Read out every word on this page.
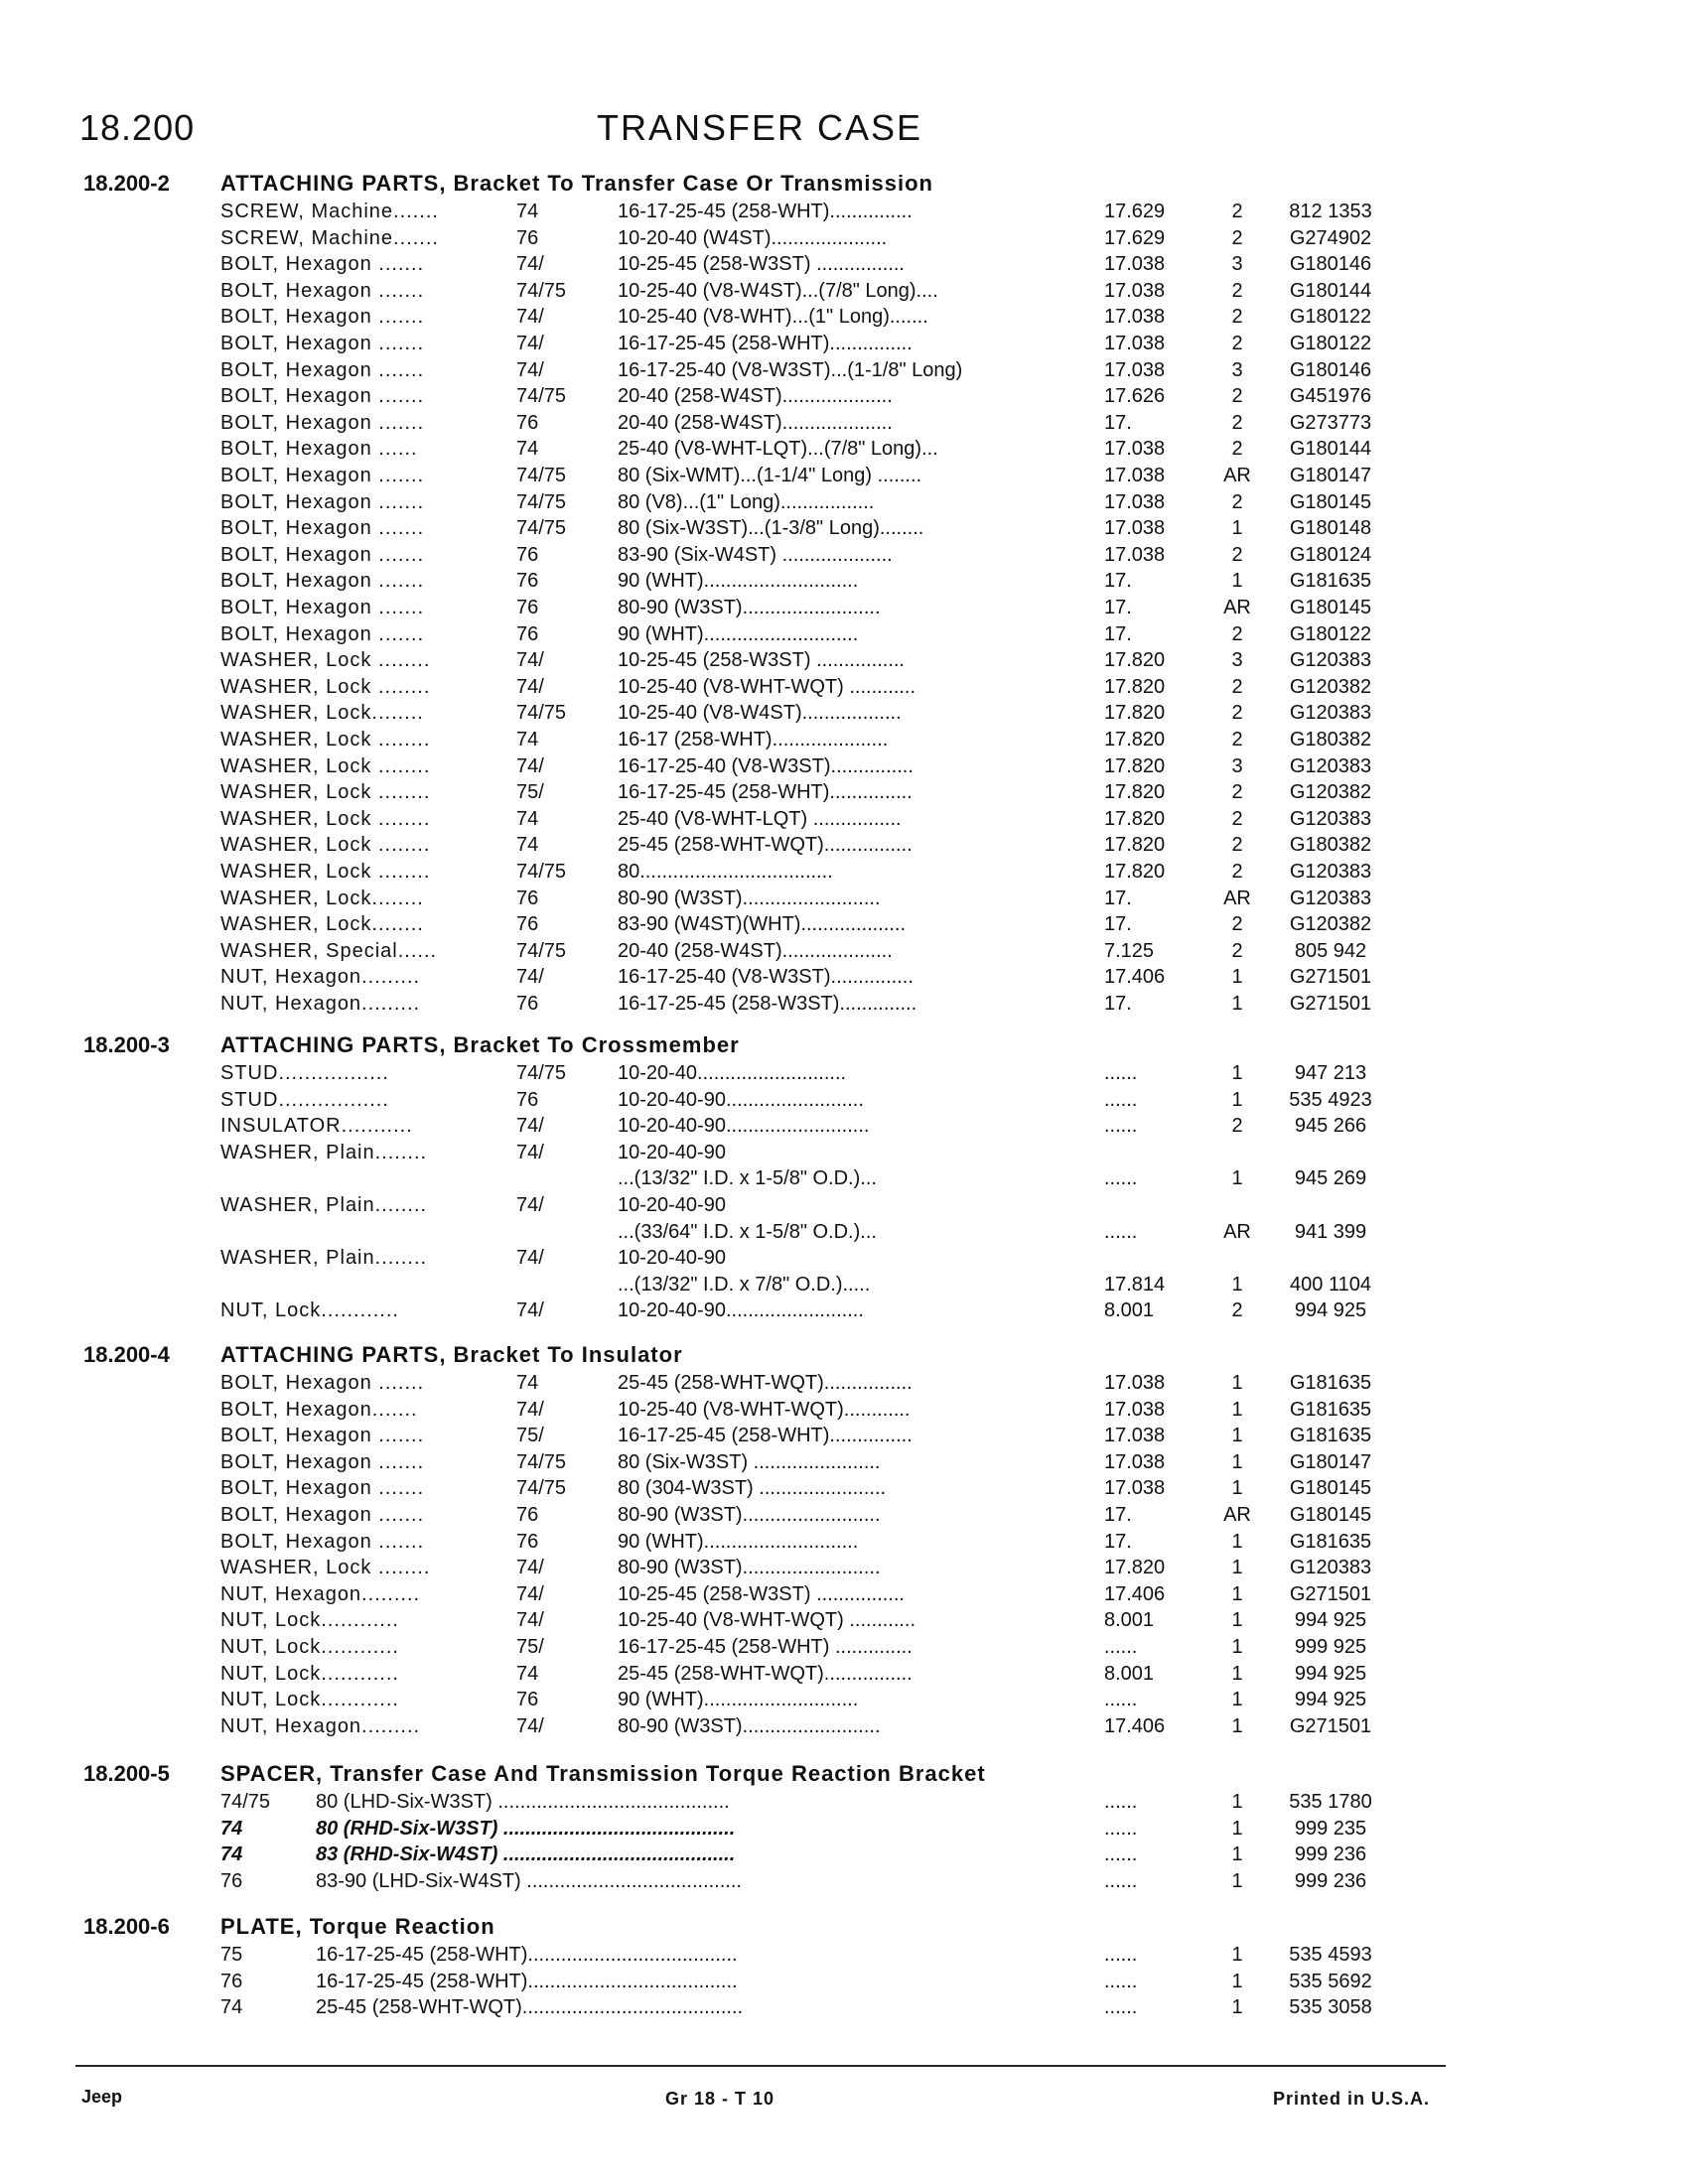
18.200	TRANSFER CASE
18.200-2 ATTACHING PARTS, Bracket To Transfer Case Or Transmission
SCREW, Machine.......	74	16-17-25-45 (258-WHT)...............	17.629	2	812 1353
SCREW, Machine.......	76	10-20-40 (W4ST).....................	17.629	2	G274902
BOLT, Hexagon .......	74/	10-25-45 (258-W3ST) ................	17.038	3	G180146
BOLT, Hexagon .......	74/75	10-25-40 (V8-W4ST)...(7/8" Long)....	17.038	2	G180144
BOLT, Hexagon .......	74/	10-25-40 (V8-WHT)...(1" Long).......	17.038	2	G180122
BOLT, Hexagon .......	74/	16-17-25-45 (258-WHT)...............	17.038	2	G180122
BOLT, Hexagon .......	74/	16-17-25-40 (V8-W3ST)...(1-1/8" Long)	17.038	3	G180146
BOLT, Hexagon .......	74/75	20-40 (258-W4ST)....................	17.626	2	G451976
BOLT, Hexagon .......	76	20-40 (258-W4ST)....................	17.	2	G273773
BOLT, Hexagon ......	74	25-40 (V8-WHT-LQT)...(7/8" Long)...	17.038	2	G180144
BOLT, Hexagon .......	74/75	80 (Six-WMT)...(1-1/4" Long) ........	17.038	AR	G180147
BOLT, Hexagon .......	74/75	80 (V8)...(1" Long).................	17.038	2	G180145
BOLT, Hexagon .......	74/75	80 (Six-W3ST)...(1-3/8" Long)........	17.038	1	G180148
BOLT, Hexagon .......	76	83-90 (Six-W4ST) ....................	17.038	2	G180124
BOLT, Hexagon .......	76	90 (WHT)............................	17.	1	G181635
BOLT, Hexagon .......	76	80-90 (W3ST).........................	17.	AR	G180145
BOLT, Hexagon .......	76	90 (WHT)............................	17.	2	G180122
WASHER, Lock ........	74/	10-25-45 (258-W3ST) ................	17.820	3	G120383
WASHER, Lock ........	74/	10-25-40 (V8-WHT-WQT) ............	17.820	2	G120382
WASHER, Lock........	74/75	10-25-40 (V8-W4ST)..................	17.820	2	G120383
WASHER, Lock ........	74	16-17 (258-WHT).....................	17.820	2	G180382
WASHER, Lock ........	74/	16-17-25-40 (V8-W3ST)...............	17.820	3	G120383
WASHER, Lock ........	75/	16-17-25-45 (258-WHT)...............	17.820	2	G120382
WASHER, Lock ........	74	25-40 (V8-WHT-LQT) ................	17.820	2	G120383
WASHER, Lock ........	74	25-45 (258-WHT-WQT)................	17.820	2	G180382
WASHER, Lock ........	74/75	80...................................	17.820	2	G120383
WASHER, Lock........	76	80-90 (W3ST).........................	17.	AR	G120383
WASHER, Lock........	76	83-90 (W4ST)(WHT)...................	17.	2	G120382
WASHER, Special......	74/75	20-40 (258-W4ST)....................	7.125	2	805 942
NUT, Hexagon.........	74/	16-17-25-40 (V8-W3ST)...............	17.406	1	G271501
NUT, Hexagon.........	76	16-17-25-45 (258-W3ST)..............	17.	1	G271501
18.200-3 ATTACHING PARTS, Bracket To Crossmember
STUD.................	74/75	10-20-40...........................	......	1	947 213
STUD.................	76	10-20-40-90.........................	......	1	535 4923
INSULATOR...........	74/	10-20-40-90..........................	......	2	945 266
WASHER, Plain........	74/	10-20-40-90
...(13/32" I.D. x 1-5/8" O.D.)...	......	1	945 269
WASHER, Plain........	74/	10-20-40-90
...(33/64" I.D. x 1-5/8" O.D.)...	......	AR	941 399
WASHER, Plain........	74/	10-20-40-90
...(13/32" I.D. x 7/8" O.D.).....	17.814	1	400 1104
NUT, Lock............	74/	10-20-40-90.........................	8.001	2	994 925
18.200-4 ATTACHING PARTS, Bracket To Insulator
BOLT, Hexagon .......	74	25-45 (258-WHT-WQT)................	17.038	1	G181635
BOLT, Hexagon.......	74/	10-25-40 (V8-WHT-WQT)............	17.038	1	G181635
BOLT, Hexagon .......	75/	16-17-25-45 (258-WHT)...............	17.038	1	G181635
BOLT, Hexagon .......	74/75	80 (Six-W3ST) .......................	17.038	1	G180147
BOLT, Hexagon .......	74/75	80 (304-W3ST) .......................	17.038	1	G180145
BOLT, Hexagon .......	76	80-90 (W3ST).........................	17.	AR	G180145
BOLT, Hexagon .......	76	90 (WHT)............................	17.	1	G181635
WASHER, Lock ........	74/	80-90 (W3ST).........................	17.820	1	G120383
NUT, Hexagon.........	74/	10-25-45 (258-W3ST) ................	17.406	1	G271501
NUT, Lock............	74/	10-25-40 (V8-WHT-WQT) ............	8.001	1	994 925
NUT, Lock............	75/	16-17-25-45 (258-WHT) ..............	......	1	999 925
NUT, Lock............	74	25-45 (258-WHT-WQT)................	8.001	1	994 925
NUT, Lock............	76	90 (WHT)............................	......	1	994 925
NUT, Hexagon.........	74/	80-90 (W3ST).........................	17.406	1	G271501
18.200-5 SPACER, Transfer Case And Transmission Torque Reaction Bracket
74/75 80 (LHD-Six-W3ST) ..........................................	......	1	535 1780
74	80 (RHD-Six-W3ST) ..........................................	......	1	999 235
74	83 (RHD-Six-W4ST) ..........................................	......	1	999 236
76	83-90 (LHD-Six-W4ST) .......................................	......	1	999 236
18.200-6 PLATE, Torque Reaction
75	16-17-25-45 (258-WHT)......................................	......	1	535 4593
76	16-17-25-45 (258-WHT)......................................	......	1	535 5692
74	25-45 (258-WHT-WQT)........................................	......	1	535 3058
Jeep	Gr 18 - T 10	Printed in U.S.A.
